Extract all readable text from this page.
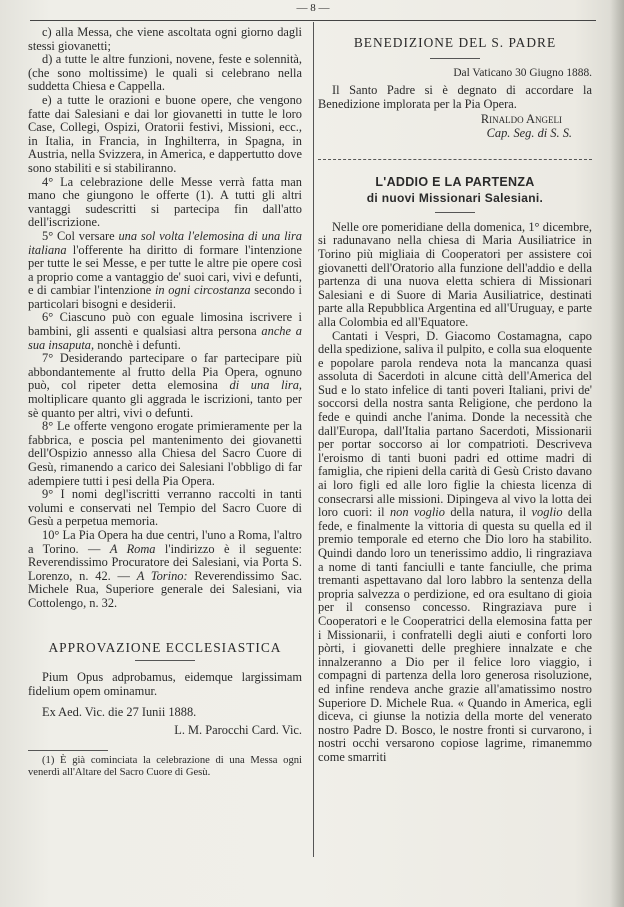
— 8 —

c) alla Messa, che viene ascoltata ogni giorno dagli stessi giovanetti;

d) a tutte le altre funzioni, novene, feste e solennità, (che sono moltissime) le quali si celebrano nella suddetta Chiesa e Cappella.

e) a tutte le orazioni e buone opere, che vengono fatte dai Salesiani e dai lor giovanetti in tutte le loro Case, Collegi, Ospizi, Oratorii festivi, Missioni, ecc., in Italia, in Francia, in Inghilterra, in Spagna, in Austria, nella Svizzera, in America, e dappertutto dove sono stabiliti e si stabiliranno.

4° La celebrazione delle Messe verrà fatta man mano che giungono le offerte (1). A tutti gli altri vantaggi sudescritti si partecipa fin dall'atto dell'iscrizione.

5° Col versare una sol volta l'elemosina di una lira italiana l'offerente ha diritto di formare l'intenzione per tutte le sei Messe, e per tutte le altre pie opere così a proprio come a vantaggio de' suoi cari, vivi e defunti, e di cambiar l'intenzione in ogni circostanza secondo i particolari bisogni e desiderii.

6° Ciascuno può con eguale limosina iscrivere i bambini, gli assenti e qualsiasi altra persona anche a sua insaputa, nonchè i defunti.

7° Desiderando partecipare o far partecipare più abbondantemente al frutto della Pia Opera, ognuno può, col ripeter detta elemosina di una lira, moltiplicare quanto gli aggrada le iscrizioni, tanto per sè quanto per altri, vivi o defunti.

8° Le offerte vengono erogate primieramente per la fabbrica, e poscia pel mantenimento dei giovanetti dell'Ospizio annesso alla Chiesa del Sacro Cuore di Gesù, rimanendo a carico dei Salesiani l'obbligo di far adempiere tutti i pesi della Pia Opera.

9° I nomi degl'iscritti verranno raccolti in tanti volumi e conservati nel Tempio del Sacro Cuore di Gesù a perpetua memoria.

10° La Pia Opera ha due centri, l'uno a Roma, l'altro a Torino. — A Roma l'indirizzo è il seguente: Reverendissimo Procuratore dei Salesiani, via Porta S. Lorenzo, n. 42. — A Torino: Reverendissimo Sac. Michele Rua, Superiore generale dei Salesiani, via Cottolengo, n. 32.

APPROVAZIONE ECCLESIASTICA

Pium Opus adprobamus, eidemque largissimam fidelium opem ominamur.

Ex Aed. Vic. die 27 Iunii 1888.

L. M. Parocchi Card. Vic.

(1) È già cominciata la celebrazione di una Messa ogni venerdì all'Altare del Sacro Cuore di Gesù.

BENEDIZIONE DEL S. PADRE

Dal Vaticano 30 Giugno 1888.

Il Santo Padre si è degnato di accordare la Benedizione implorata per la Pia Opera.

Rinaldo Angeli

Cap. Seg. di S. S.

L'ADDIO E LA PARTENZA

di nuovi Missionari Salesiani.

Nelle ore pomeridiane della domenica, 1° dicembre, si radunavano nella chiesa di Maria Ausiliatrice in Torino più migliaia di Cooperatori per assistere coi giovanetti dell'Oratorio alla funzione dell'addio e della partenza di una nuova eletta schiera di Missionari Salesiani e di Suore di Maria Ausiliatrice, destinati parte alla Repubblica Argentina ed all'Uruguay, e parte alla Colombia ed all'Equatore.

Cantati i Vespri, D. Giacomo Costamagna, capo della spedizione, saliva il pulpito, e colla sua eloquente e popolare parola rendeva nota la mancanza quasi assoluta di Sacerdoti in alcune città dell'America del Sud e lo stato infelice di tanti poveri Italiani, privi de' soccorsi della nostra santa Religione, che perdono la fede e quindi anche l'anima. Donde la necessità che dall'Europa, dall'Italia partano Sacerdoti, Missionarii per portar soccorso ai lor compatrioti. Descriveva l'eroismo di tanti buoni padri ed ottime madri di famiglia, che ripieni della carità di Gesù Cristo davano ai loro figli ed alle loro figlie la chiesta licenza di consecrarsi alle missioni. Dipingeva al vivo la lotta dei loro cuori: il non voglio della natura, il voglio della fede, e finalmente la vittoria di questa su quella ed il premio temporale ed eterno che Dio loro ha stabilito. Quindi dando loro un tenerissimo addio, li ringraziava a nome di tanti fanciulli e tante fanciulle, che prima tremanti aspettavano dal loro labbro la sentenza della propria salvezza o perdizione, ed ora esultano di gioia per il consenso concesso. Ringraziava pure i Cooperatori e le Cooperatrici della elemosina fatta per i Missionarii, i confratelli degli aiuti e conforti loro pòrti, i giovanetti delle preghiere innalzate e che innalzeranno a Dio per il felice loro viaggio, i compagni di partenza della loro generosa risoluzione, ed infine rendeva anche grazie all'amatissimo nostro Superiore D. Michele Rua. « Quando in America, egli diceva, ci giunse la notizia della morte del venerato nostro Padre D. Bosco, le nostre fronti si curvarono, i nostri occhi versarono copiose lagrime, rimanemmo come smarriti
